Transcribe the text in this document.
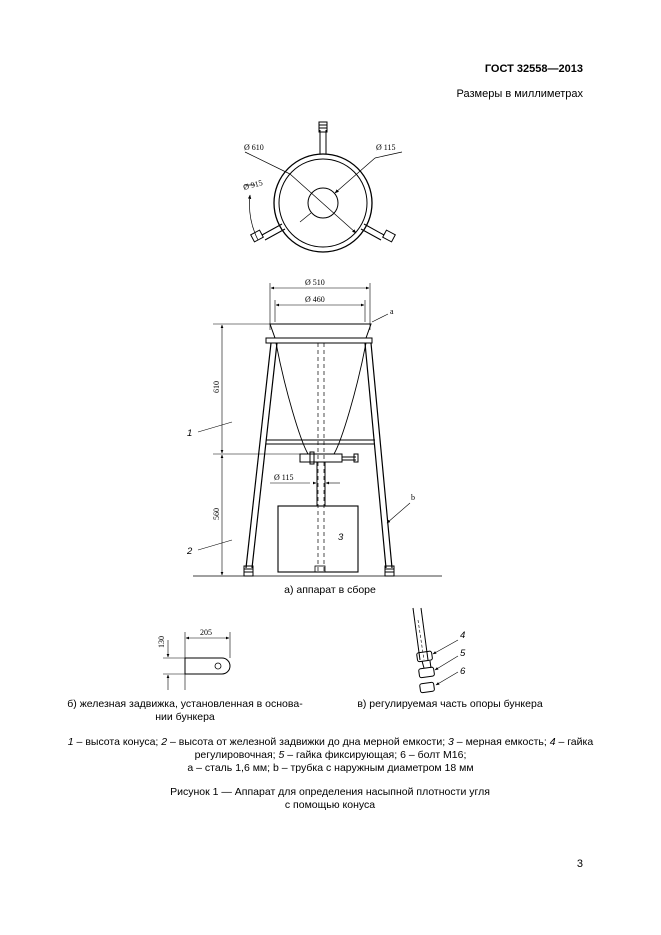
ГОСТ 32558—2013
Размеры в миллиметрах
Ø 610	Ø 115
Ø 915
Ø 510
Ø 460
a
610
560
1
2
Ø 115
3
b
130
205	4
5
6
а) аппарат в сборе
б) железная задвижка, установленная в основа-
нии бункера
в) регулируемая часть опоры бункера
1 – высота конуса; 2 – высота от железной задвижки до дна мерной емкости; 3 – мерная емкость; 4 – гайка регулировочная; 5 – гайка фиксирующая; 6 – болт М16;
а – сталь 1,6 мм; b – трубка с наружным диаметром 18 мм
Рисунок 1 — Аппарат для определения насыпной плотности угля
с помощью конуса
3
